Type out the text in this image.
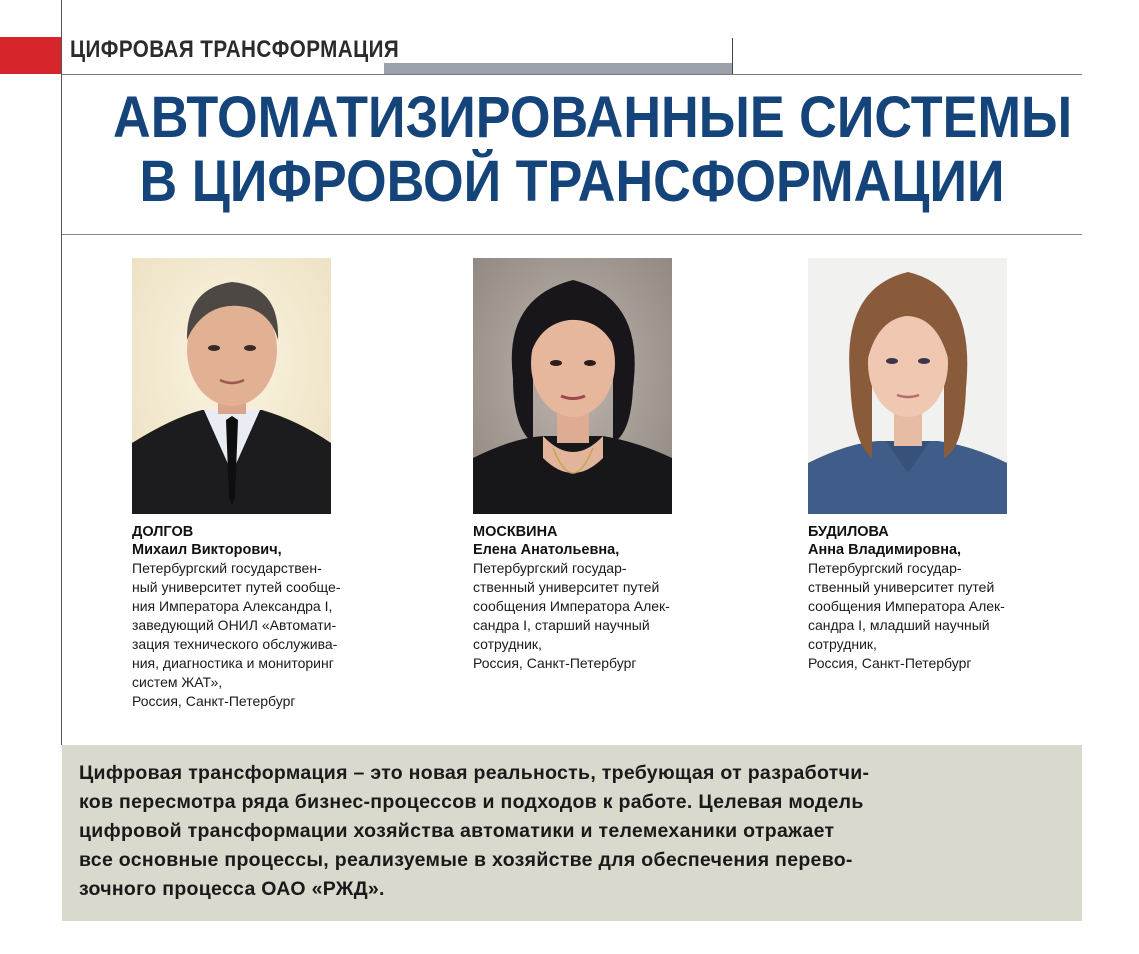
ЦИФРОВАЯ ТРАНСФОРМАЦИЯ
АВТОМАТИЗИРОВАННЫЕ СИСТЕМЫ
В ЦИФРОВОЙ ТРАНСФОРМАЦИИ
ДОЛГОВ
Михаил Викторович,
Петербургский государствен-
ный университет путей сообще-
ния Императора Александра I,
заведующий ОНИЛ «Автомати-
зация технического обслужива-
ния, диагностика и мониторинг
систем ЖАТ»,
Россия, Санкт-Петербург
МОСКВИНА
Елена Анатольевна,
Петербургский государ-
ственный университет путей
сообщения Императора Алек-
сандра I, старший научный
сотрудник,
Россия, Санкт-Петербург
БУДИЛОВА
Анна Владимировна,
Петербургский государ-
ственный университет путей
сообщения Императора Алек-
сандра I, младший научный
сотрудник,
Россия, Санкт-Петербург

Цифровая трансформация – это новая реальность, требующая от разработчи-
ков пересмотра ряда бизнес-процессов и подходов к работе. Целевая модель
цифровой трансформации хозяйства автоматики и телемеханики отражает
все основные процессы, реализуемые в хозяйстве для обеспечения перево-
зочного процесса ОАО «РЖД».
